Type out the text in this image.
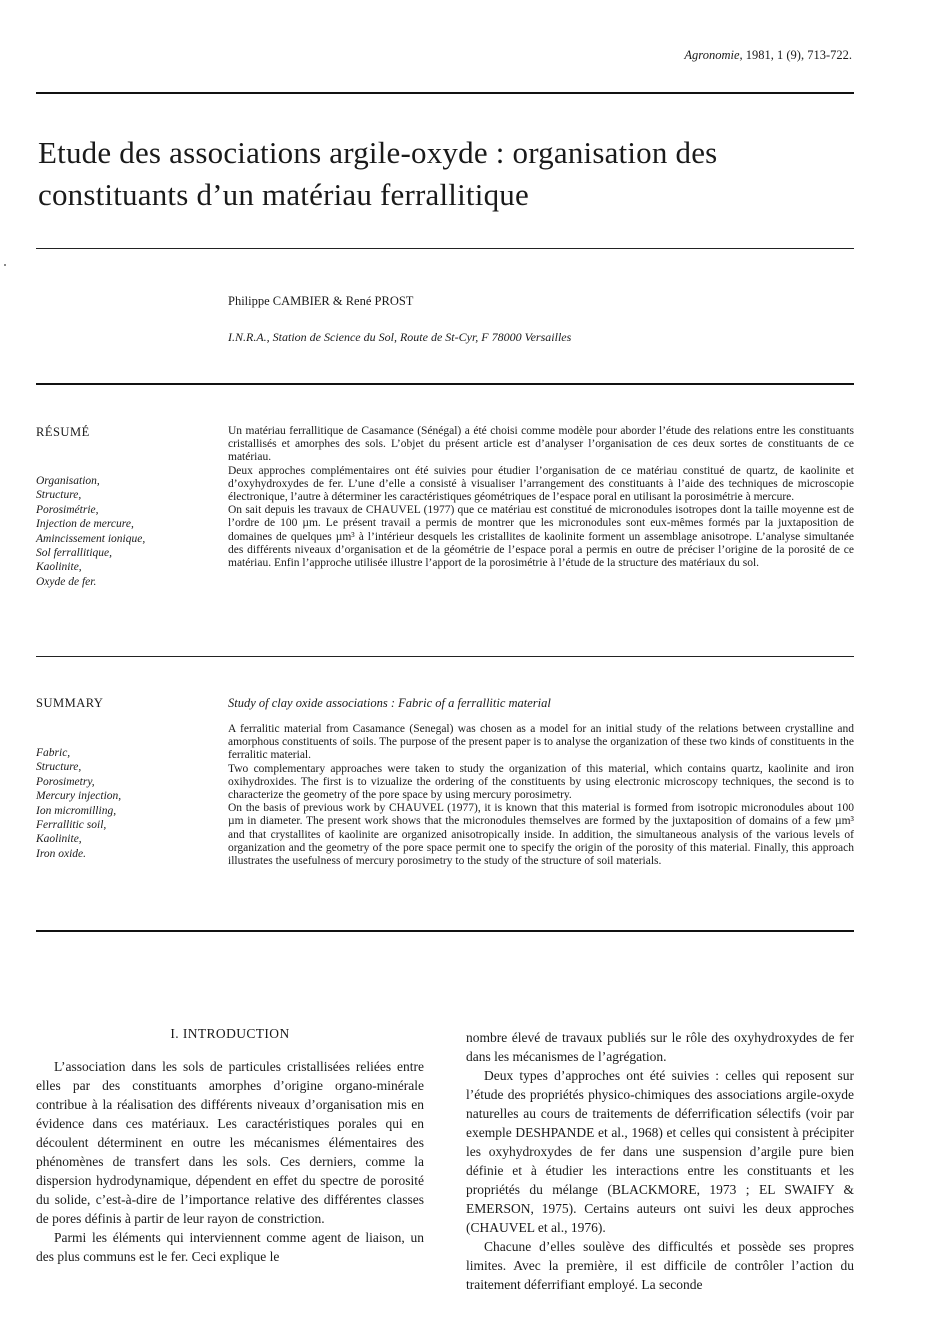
Agronomie, 1981, 1 (9), 713-722.
Etude des associations argile-oxyde : organisation des
constituants d’un matériau ferrallitique
Philippe CAMBIER & René PROST
I.N.R.A., Station de Science du Sol, Route de St-Cyr, F 78000 Versailles
RÉSUMÉ
Organisation,
Structure,
Porosimétrie,
Injection de mercure,
Amincissement ionique,
Sol ferrallitique,
Kaolinite,
Oxyde de fer.

Un matériau ferrallitique de Casamance (Sénégal) a été choisi comme modèle pour aborder l’étude des relations entre les constituants cristallisés et amorphes des sols. L’objet du présent article est d’analyser l’organisation de ces deux sortes de constituants de ce matériau.

Deux approches complémentaires ont été suivies pour étudier l’organisation de ce matériau constitué de quartz, de kaolinite et d’oxyhydroxydes de fer. L’une d’elle a consisté à visualiser l’arrangement des constituants à l’aide des techniques de microscopie électronique, l’autre à déterminer les caractéristiques géométriques de l’espace poral en utilisant la porosimétrie à mercure.

On sait depuis les travaux de CHAUVEL (1977) que ce matériau est constitué de micronodules isotropes dont la taille moyenne est de l’ordre de 100 µm. Le présent travail a permis de montrer que les micronodules sont eux-mêmes formés par la juxtaposition de domaines de quelques µm³ à l’intérieur desquels les cristallites de kaolinite forment un assemblage anisotrope. L’analyse simultanée des différents niveaux d’organisation et de la géométrie de l’espace poral a permis en outre de préciser l’origine de la porosité de ce matériau. Enfin l’approche utilisée illustre l’apport de la porosimétrie à l’étude de la structure des matériaux du sol.

SUMMARY	Study of clay oxide associations : Fabric of a ferrallitic material
Fabric,
Structure,
Porosimetry,
Mercury injection,
Ion micromilling,
Ferrallitic soil,
Kaolinite,
Iron oxide.

A ferralitic material from Casamance (Senegal) was chosen as a model for an initial study of the relations between crystalline and amorphous constituents of soils. The purpose of the present paper is to analyse the organization of these two kinds of constituents in the ferralitic material.

Two complementary approaches were taken to study the organization of this material, which contains quartz, kaolinite and iron oxihydroxides. The first is to vizualize the ordering of the constituents by using electronic microscopy techniques, the second is to characterize the geometry of the pore space by using mercury porosimetry.

On the basis of previous work by CHAUVEL (1977), it is known that this material is formed from isotropic micronodules about 100 µm in diameter. The present work shows that the micronodules themselves are formed by the juxtaposition of domains of a few µm³ and that crystallites of kaolinite are organized anisotropically inside. In addition, the simultaneous analysis of the various levels of organization and the geometry of the pore space permit one to specify the origin of the porosity of this material. Finally, this approach illustrates the usefulness of mercury porosimetry to the study of the structure of soil materials.

I. INTRODUCTION

L’association dans les sols de particules cristallisées reliées entre elles par des constituants amorphes d’origine organo-minérale contribue à la réalisation des différents niveaux d’organisation mis en évidence dans ces matériaux. Les caractéristiques porales qui en découlent déterminent en outre les mécanismes élémentaires des phénomènes de transfert dans les sols. Ces derniers, comme la dispersion hydrodynamique, dépendent en effet du spectre de porosité du solide, c’est-à-dire de l’importance relative des différentes classes de pores définis à partir de leur rayon de constriction.

Parmi les éléments qui interviennent comme agent de liaison, un des plus communs est le fer. Ceci explique le

nombre élevé de travaux publiés sur le rôle des oxyhydroxydes de fer dans les mécanismes de l’agrégation.

Deux types d’approches ont été suivies : celles qui reposent sur l’étude des propriétés physico-chimiques des associations argile-oxyde naturelles au cours de traitements de déferrification sélectifs (voir par exemple DESHPANDE et al., 1968) et celles qui consistent à précipiter les oxyhydroxydes de fer dans une suspension d’argile pure bien définie et à étudier les interactions entre les constituants et les propriétés du mélange (BLACKMORE, 1973 ; EL SWAIFY & EMERSON, 1975). Certains auteurs ont suivi les deux approches (CHAUVEL et al., 1976).

Chacune d’elles soulève des difficultés et possède ses propres limites. Avec la première, il est difficile de contrôler l’action du traitement déferrifiant employé. La seconde
